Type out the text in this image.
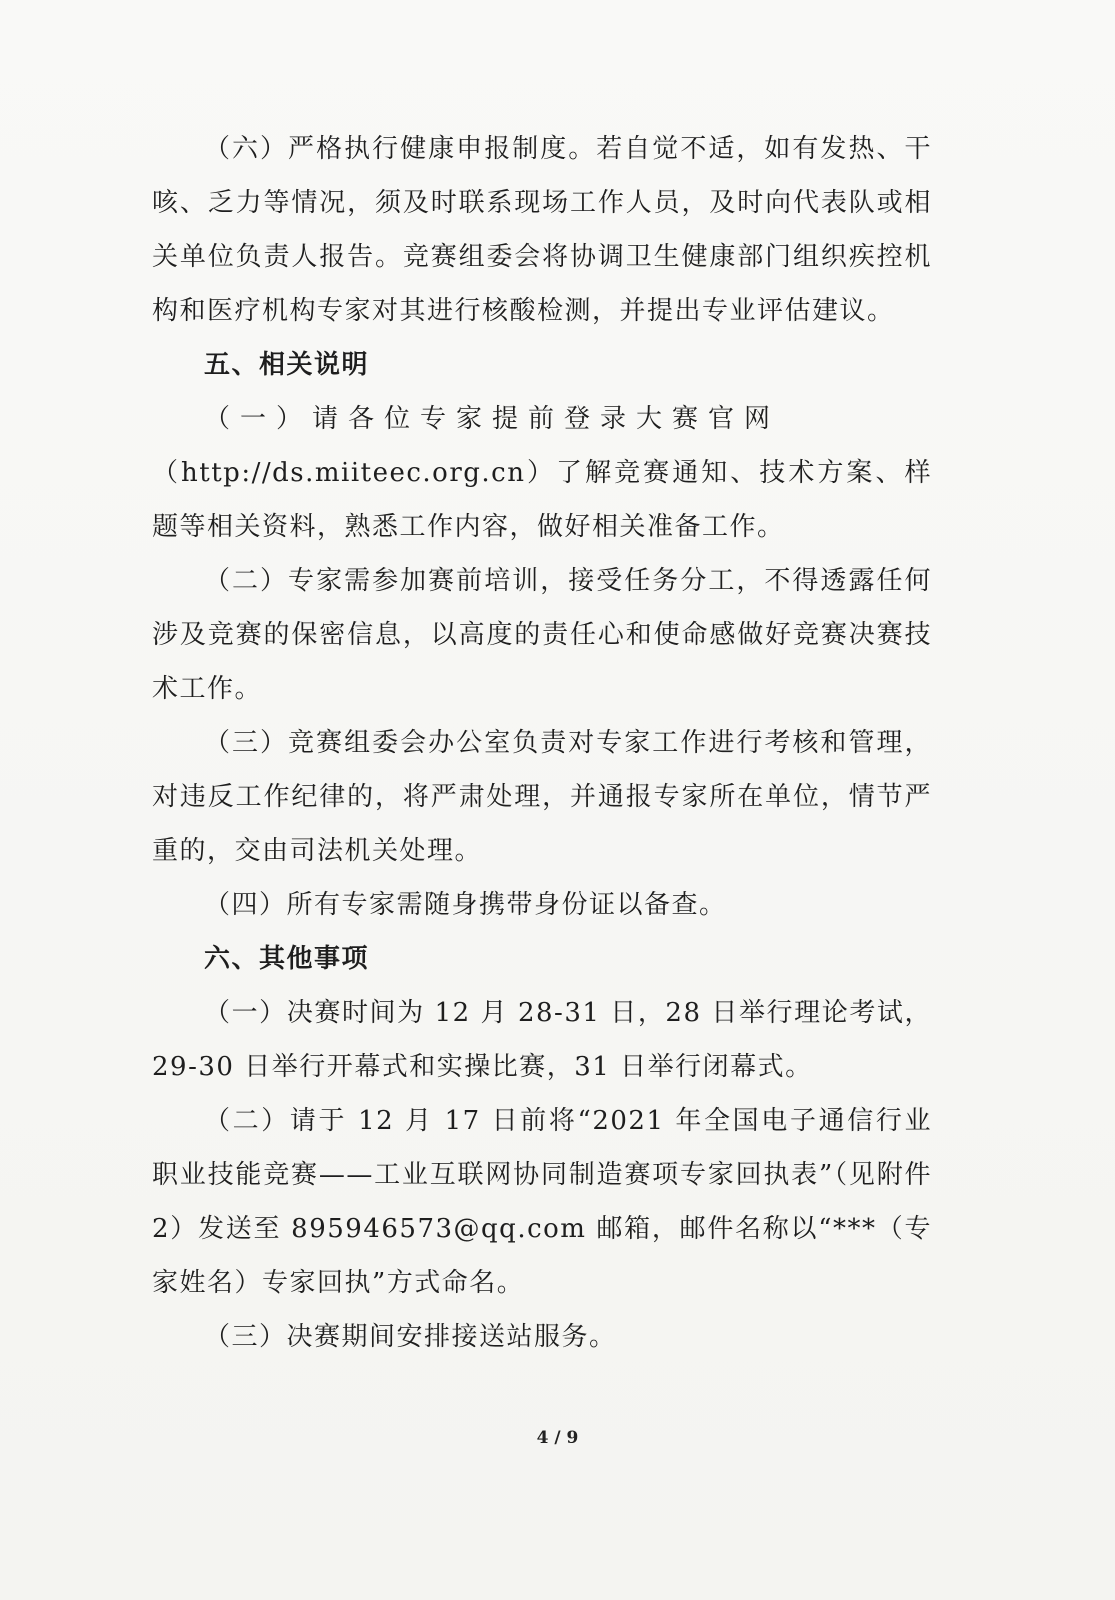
（六）严格执行健康申报制度。若自觉不适，如有发热、干咳、乏力等情况，须及时联系现场工作人员，及时向代表队或相关单位负责人报告。竞赛组委会将协调卫生健康部门组织疾控机构和医疗机构专家对其进行核酸检测，并提出专业评估建议。

五、相关说明

（一）请各位专家提前登录大赛官网

（http://ds.miiteec.org.cn）了解竞赛通知、技术方案、样题等相关资料，熟悉工作内容，做好相关准备工作。

（二）专家需参加赛前培训，接受任务分工，不得透露任何涉及竞赛的保密信息，以高度的责任心和使命感做好竞赛决赛技术工作。

（三）竞赛组委会办公室负责对专家工作进行考核和管理，对违反工作纪律的，将严肃处理，并通报专家所在单位，情节严重的，交由司法机关处理。

（四）所有专家需随身携带身份证以备查。

六、其他事项

（一）决赛时间为 12 月 28-31 日，28 日举行理论考试，29-30 日举行开幕式和实操比赛，31 日举行闭幕式。

（二）请于 12 月 17 日前将“2021 年全国电子通信行业职业技能竞赛——工业互联网协同制造赛项专家回执表”（见附件 2）发送至 895946573@qq.com 邮箱，邮件名称以“***（专家姓名）专家回执”方式命名。

（三）决赛期间安排接送站服务。

4 / 9
